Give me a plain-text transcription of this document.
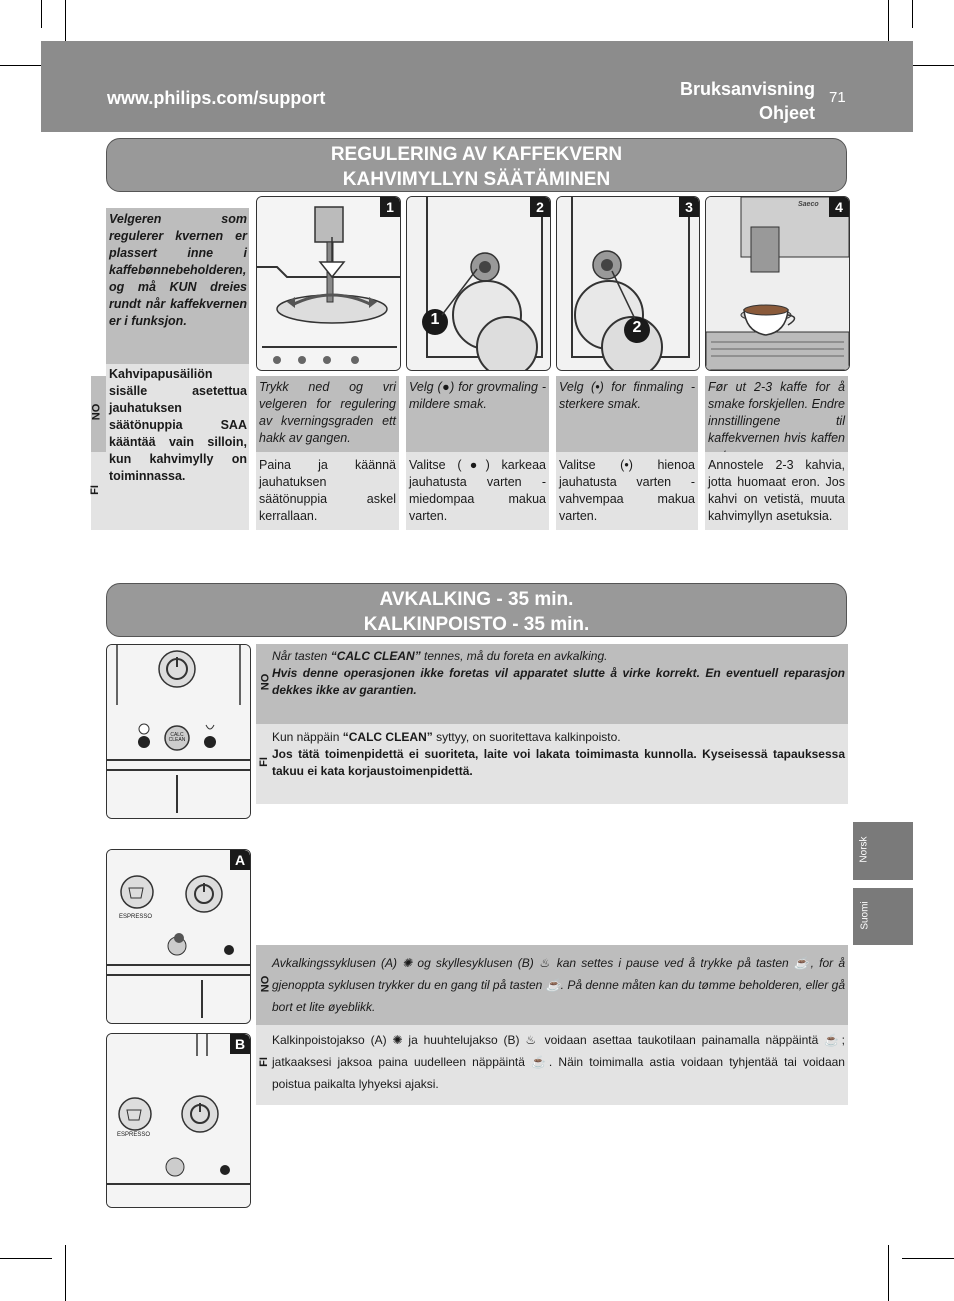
www.philips.com/support	Bruksanvisning
Ohjeet
71
REGULERING AV KAFFEKVERN
KAHVIMYLLYN SÄÄTÄMINEN
Velgeren som regulerer kvernen er plassert inne i kaffebønnebeholderen, og må KUN dreies rundt når kaffekvernen er i funksjon.
Kahvipapusäiliön sisälle asetettua jauhatuksen säätönuppia SAA kääntää vain silloin, kun kahvimylly on toiminnassa.
NO
FI
1
1
2
2
3	Saeco	4
Trykk ned og vri velgeren for regulering av kverningsgraden ett hakk av gangen.
Paina ja käännä jauhatuksen säätönuppia askel kerrallaan.
Velg (●) for grovmaling - mildere smak.
Valitse (●) karkeaa jauhatusta varten - miedompaa makua varten.
Velg (•) for finmaling - sterkere smak.
Valitse (•) hienoa jauhatusta varten - vahvempaa makua varten.
Før ut 2-3 kaffe for å smake forskjellen. Endre innstillingene til kaffekvernen hvis kaffen
Annostele 2-3 kahvia, jotta huomaat eron. Jos kahvi on vetistä, muuta kahvimyllyn asetuksia.
AVKALKING - 35 min.
KALKINPOISTO - 35 min.
CALC CLEAN
NO
Når tasten “CALC CLEAN” tennes, må du foreta en avkalking.
Hvis denne operasjonen ikke foretas vil apparatet slutte å virke korrekt. En eventuell reparasjon dekkes ikke av garantien.
FI
Kun näppäin “CALC CLEAN” syttyy, on suoritettava kalkinpoisto.
Jos tätä toimenpidettä ei suoriteta, laite voi lakata toimimasta kunnolla. Kyseisessä tapauksessa takuu ei kata korjaustoimenpidettä.
ESPRESSO
A
ESPRESSO
B
NO
Avkalkingssyklusen (A) ✺ og skyllesyklusen (B) ♨ kan settes i pause ved å trykke på tasten ☕, for å gjenoppta syklusen trykker du en gang til på tasten ☕. På denne måten kan du tømme beholderen, eller gå bort et lite øyeblikk.
FI
Kalkinpoistojakso (A) ✺ ja huuhtelujakso (B) ♨ voidaan asettaa taukotilaan painamalla näppäintä ☕; jatkaaksesi jaksoa paina uudelleen näppäintä ☕. Näin toimimalla astia voidaan tyhjentää tai voidaan poistua paikalta lyhyeksi ajaksi.
Norsk
Suomi
